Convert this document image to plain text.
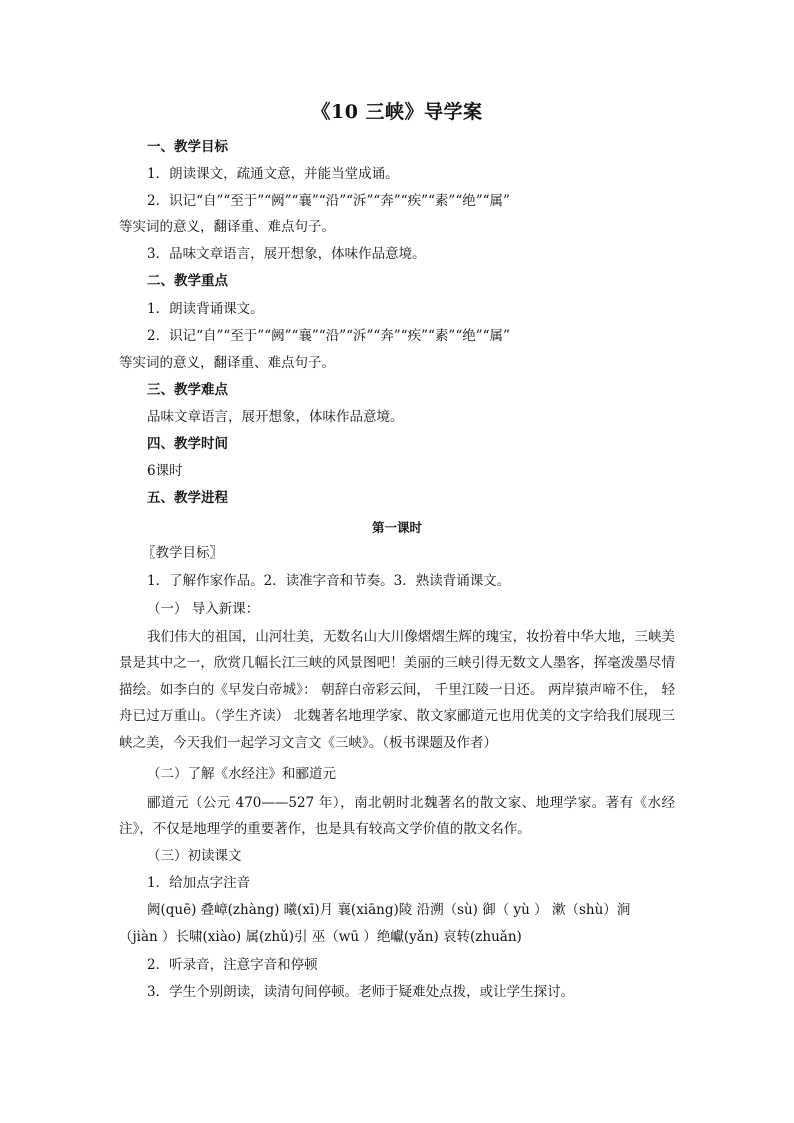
《10 三峡》导学案
一、教学目标
1．朗读课文，疏通文意，并能当堂成诵。
2．识记“自”“至于”“阙”“襄”“沿”“泝”“奔”“疾”“素”“绝”“属”
等实词的意义，翻译重、难点句子。
3．品味文章语言，展开想象，体味作品意境。
二、教学重点
1．朗读背诵课文。
2．识记“自”“至于”“阙”“襄”“沿”“泝”“奔”“疾”“素”“绝”“属”
等实词的意义，翻译重、难点句子。
三、教学难点
品味文章语言，展开想象，体味作品意境。
四、教学时间
6课时
五、教学进程
第一课时
〖教学目标〗
1．了解作家作品。2．读准字音和节奏。3．熟读背诵课文。
（一） 导入新课：
我们伟大的祖国，山河壮美，无数名山大川像熠熠生辉的瑰宝，妆扮着中华大地，三峡美景是其中之一，欣赏几幅长江三峡的风景图吧！美丽的三峡引得无数文人墨客，挥毫泼墨尽情描绘。如李白的《早发白帝城》： 朝辞白帝彩云间， 千里江陵一日还。 两岸猿声啼不住， 轻舟已过万重山。（学生齐读） 北魏著名地理学家、散文家郦道元也用优美的文字给我们展现三峡之美，今天我们一起学习文言文《三峡》。（板书课题及作者）
（二）了解《水经注》和郦道元
郦道元（公元 470——527 年），南北朝时北魏著名的散文家、地理学家。著有《水经注》，不仅是地理学的重要著作，也是具有较高文学价值的散文名作。
（三）初读课文
1．给加点字注音
阙(quē) 叠嶂(zhàng) 曦(xī)月 襄(xiāng)陵 沿溯（sù) 御（ yù ） 漱（shù）涧
（jiàn ）长啸(xiào) 属(zhǔ)引 巫（wū ）绝巘(yǎn) 哀转(zhuǎn)
2．听录音，注意字音和停顿
3．学生个别朗读，读清句间停顿。老师于疑难处点拨，或让学生探讨。
